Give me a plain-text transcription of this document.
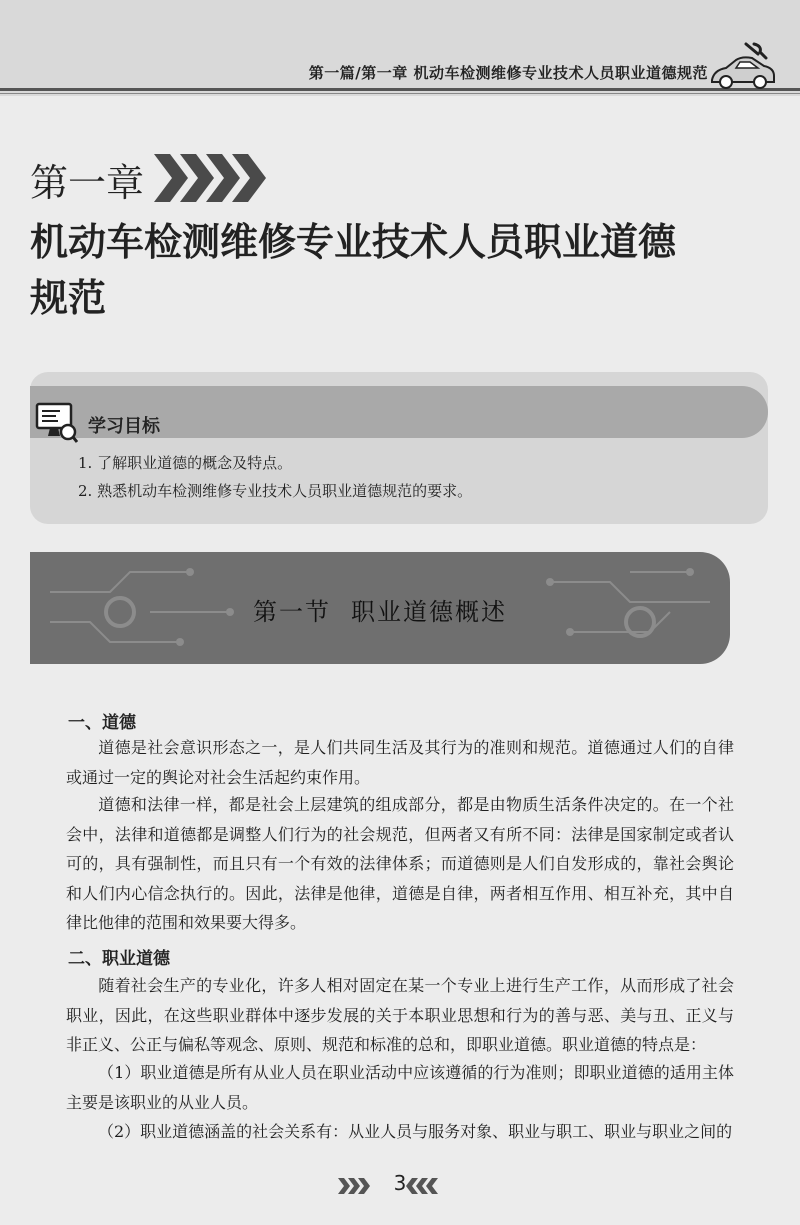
第一篇/第一章 机动车检测维修专业技术人员职业道德规范
第一章
机动车检测维修专业技术人员职业道德
规范
学习目标
1. 了解职业道德的概念及特点。
2. 熟悉机动车检测维修专业技术人员职业道德规范的要求。
第一节 职业道德概述
一、道德
道德是社会意识形态之一，是人们共同生活及其行为的准则和规范。道德通过人们的自律或通过一定的舆论对社会生活起约束作用。
道德和法律一样，都是社会上层建筑的组成部分，都是由物质生活条件决定的。在一个社会中，法律和道德都是调整人们行为的社会规范，但两者又有所不同：法律是国家制定或者认可的，具有强制性，而且只有一个有效的法律体系；而道德则是人们自发形成的，靠社会舆论和人们内心信念执行的。因此，法律是他律，道德是自律，两者相互作用、相互补充，其中自律比他律的范围和效果要大得多。
二、职业道德
随着社会生产的专业化，许多人相对固定在某一个专业上进行生产工作，从而形成了社会职业，因此，在这些职业群体中逐步发展的关于本职业思想和行为的善与恶、美与丑、正义与非正义、公正与偏私等观念、原则、规范和标准的总和，即职业道德。职业道德的特点是：
（1）职业道德是所有从业人员在职业活动中应该遵循的行为准则；即职业道德的适用主体主要是该职业的从业人员。
（2）职业道德涵盖的社会关系有：从业人员与服务对象、职业与职工、职业与职业之间的
3
